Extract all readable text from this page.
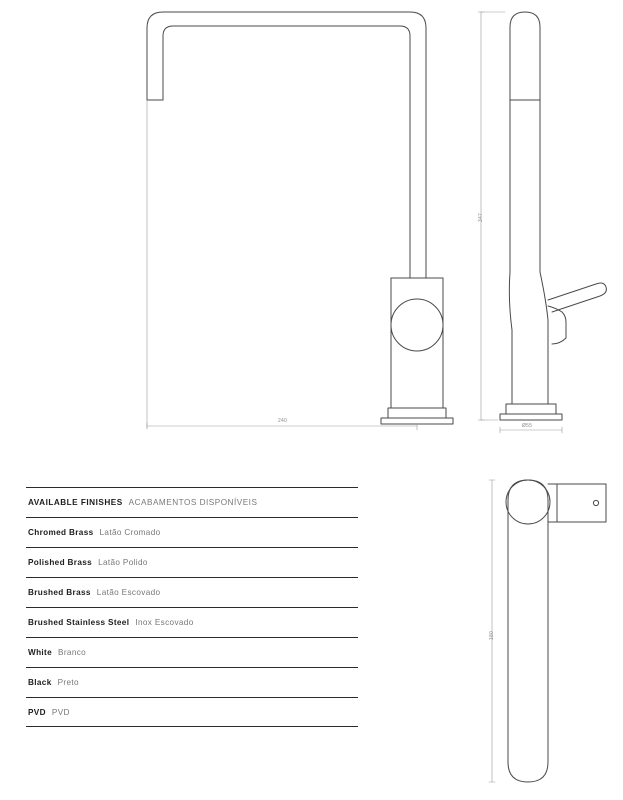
240
347
Ø55
180
AVAILABLE FINISHES ACABAMENTOS DISPONÍVEIS
Chromed Brass Latão Cromado
Polished Brass Latão Polido
Brushed Brass Latão Escovado
Brushed Stainless Steel Inox Escovado
White Branco
Black Preto
PVD PVD
